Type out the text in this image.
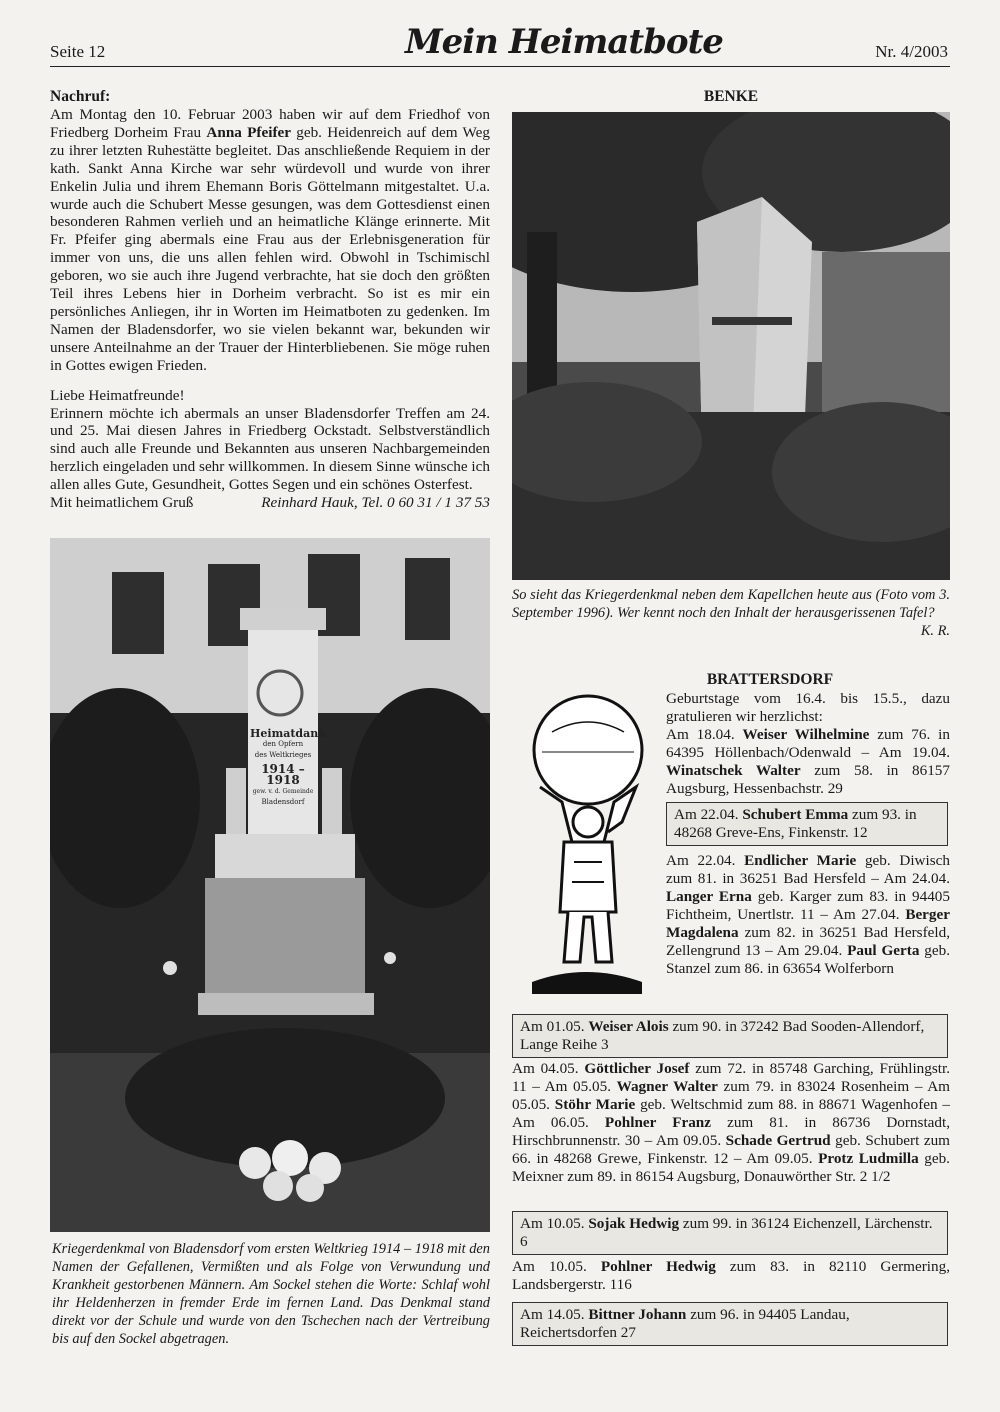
Seite 12	Mein Heimatbote	Nr. 4/2003

Nachruf:

Am Montag den 10. Februar 2003 haben wir auf dem Friedhof von Friedberg Dorheim Frau Anna Pfeifer geb. Heidenreich auf dem Weg zu ihrer letzten Ruhestätte begleitet. Das anschließende Requiem in der kath. Sankt Anna Kirche war sehr würdevoll und wurde von ihrer Enkelin Julia und ihrem Ehemann Boris Göttelmann mitgestaltet. U.a. wurde auch die Schubert Messe gesungen, was dem Gottesdienst einen besonderen Rahmen verlieh und an heimatliche Klänge erinnerte. Mit Fr. Pfeifer ging abermals eine Frau aus der Erlebnisgeneration für immer von uns, die uns allen fehlen wird. Obwohl in Tschimischl geboren, wo sie auch ihre Jugend verbrachte, hat sie doch den größten Teil ihres Lebens hier in Dorheim verbracht. So ist es mir ein persönliches Anliegen, ihr in Worten im Heimatboten zu gedenken. Im Namen der Bladensdorfer, wo sie vielen bekannt war, bekunden wir unsere Anteilnahme an der Trauer der Hinterbliebenen. Sie möge ruhen in Gottes ewigen Frieden.

Liebe Heimatfreunde!

Erinnern möchte ich abermals an unser Bladensdorfer Treffen am 24. und 25. Mai diesen Jahres in Friedberg Ockstadt. Selbstverständlich sind auch alle Freunde und Bekannten aus unseren Nachbargemeinden herzlich eingeladen und sehr willkommen. In diesem Sinne wünsche ich allen alles Gute, Gesundheit, Gottes Segen und ein schönes Osterfest.

Mit heimatlichem Gruß	Reinhard Hauk, Tel. 0 60 31 / 1 37 53
Heimatdank
den Opfern
des Weltkrieges
1914 – 1918
gew. v. d. Gemeinde
Bladensdorf

Kriegerdenkmal von Bladensdorf vom ersten Weltkrieg 1914 – 1918 mit den Namen der Gefallenen, Vermißten und als Folge von Verwundung und Krankheit gestorbenen Männern. Am Sockel stehen die Worte: Schlaf wohl ihr Heldenherzen in fremder Erde im fernen Land. Das Denkmal stand direkt vor der Schule und wurde von den Tschechen nach der Vertreibung bis auf den Sockel abgetragen.

BENKE

So sieht das Kriegerdenkmal neben dem Kapellchen heute aus (Foto vom 3. September 1996). Wer kennt noch den Inhalt der herausgerissenen Tafel?
K. R.

BRATTERSDORF

Geburtstage vom 16.4. bis 15.5., dazu gratulieren wir herzlichst:

Am 18.04. Weiser Wilhelmine zum 76. in 64395 Höllenbach/Odenwald – Am 19.04. Winatschek Walter zum 58. in 86157 Augsburg, Hessenbachstr. 29

Am 22.04. Schubert Emma zum 93. in 48268 Greve-Ens, Finkenstr. 12

Am 22.04. Endlicher Marie geb. Diwisch zum 81. in 36251 Bad Hersfeld – Am 24.04. Langer Erna geb. Karger zum 83. in 94405 Fichtheim, Unertlstr. 11 – Am 27.04. Berger Magdalena zum 82. in 36251 Bad Hersfeld, Zellengrund 13 – Am 29.04. Paul Gerta geb. Stanzel zum 86. in 63654 Wolferborn

Am 01.05. Weiser Alois zum 90. in 37242 Bad Sooden-Allendorf, Lange Reihe 3

Am 04.05. Göttlicher Josef zum 72. in 85748 Garching, Frühlingstr. 11 – Am 05.05. Wagner Walter zum 79. in 83024 Rosenheim – Am 05.05. Stöhr Marie geb. Weltschmid zum 88. in 88671 Wagenhofen – Am 06.05. Pohlner Franz zum 81. in 86736 Dornstadt, Hirschbrunnenstr. 30 – Am 09.05. Schade Gertrud geb. Schubert zum 66. in 48268 Grewe, Finkenstr. 12 – Am 09.05. Protz Ludmilla geb. Meixner zum 89. in 86154 Augsburg, Donauwörther Str. 2 1/2

Am 10.05. Sojak Hedwig zum 99. in 36124 Eichenzell, Lärchenstr. 6

Am 10.05. Pohlner Hedwig zum 83. in 82110 Germering, Landsbergerstr. 116

Am 14.05. Bittner Johann zum 96. in 94405 Landau, Reichertsdorfen 27
